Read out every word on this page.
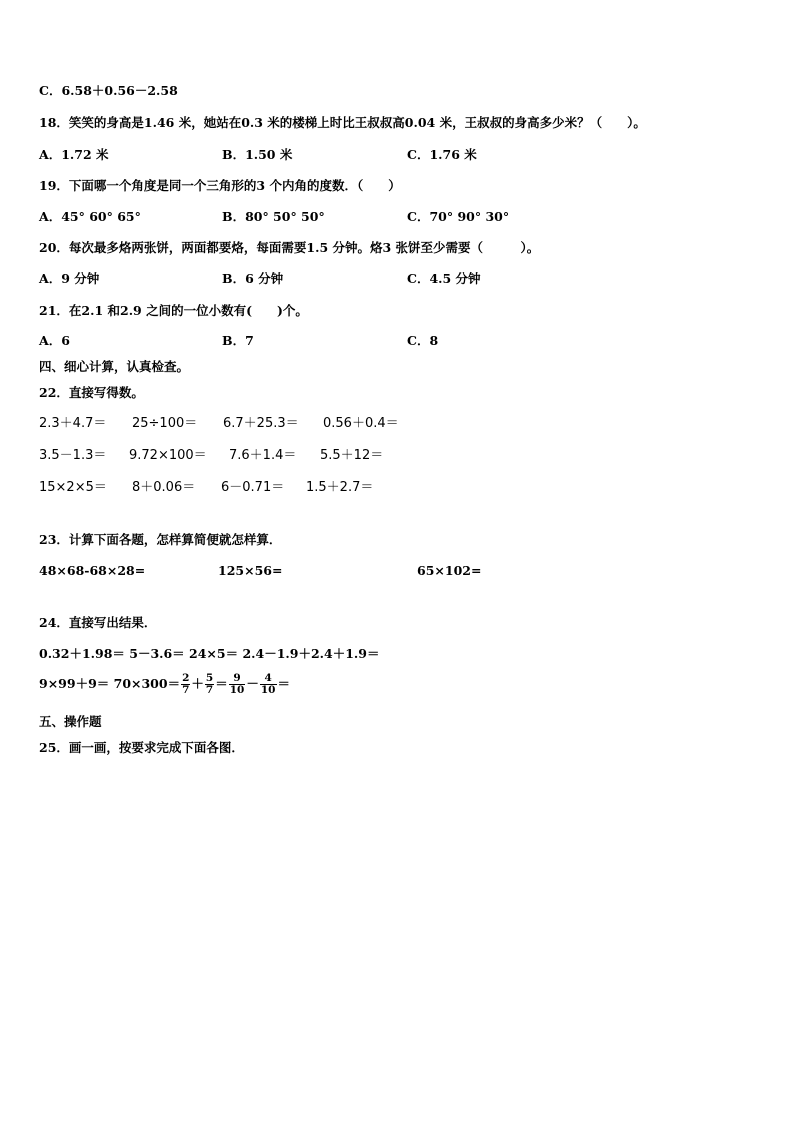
C．6.58＋0.56－2.58
18．笑笑的身高是1.46 米，她站在0.3 米的楼梯上时比王叔叔高0.04 米，王叔叔的身高多少米？（　　）。
A．1.72 米	B．1.50 米	C．1.76 米
19．下面哪一个角度是同一个三角形的3 个内角的度数．（　　）
A．45° 60° 65°	B．80° 50° 50°	C．70° 90° 30°
20．每次最多烙两张饼，两面都要烙，每面需要1.5 分钟。烙3 张饼至少需要（　　　）。
A．9 分钟	B．6 分钟	C．4.5 分钟
21．在2.1 和2.9 之间的一位小数有(　　)个。
A．6	B．7	C．8
四、细心计算，认真检查。
22．直接写得数。
2.3＋4.7＝ 25÷100＝ 6.7＋25.3＝ 0.56＋0.4＝
3.5－1.3＝ 9.72×100＝ 7.6＋1.4＝ 5.5＋12＝
15×2×5＝ 8＋0.06＝ 6－0.71＝ 1.5＋2.7＝
23．计算下面各题，怎样算简便就怎样算．
48×68-68×28=	125×56=	65×102=
24．直接写出结果．
0.32＋1.98＝ 5－3.6＝ 24×5＝ 2.4－1.9＋2.4＋1.9＝
$9\times 99+9= 70\times 300= \frac{2}{7} + \frac{5}{7} = \frac{9}{10} - \frac{4}{10}$ ＝
五、操作题
25．画一画，按要求完成下面各图．
